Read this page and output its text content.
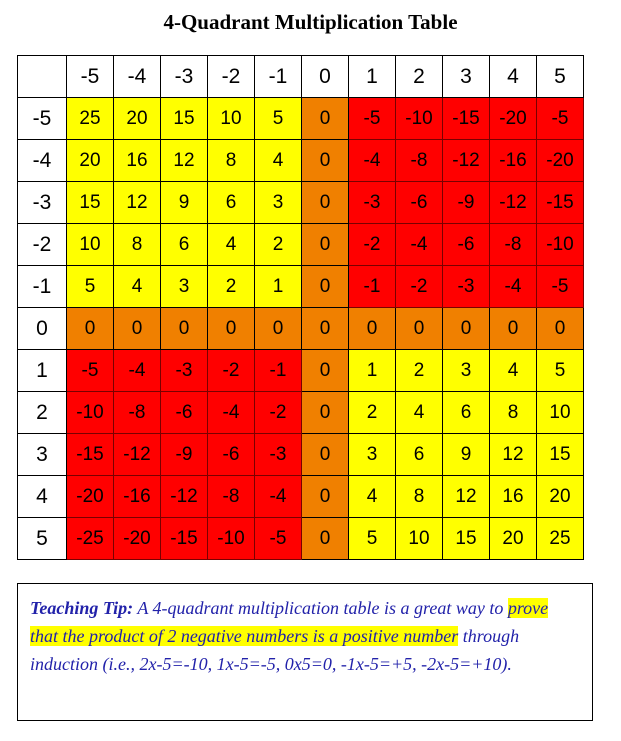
4-Quadrant Multiplication Table
	-5	-4	-3	-2	-1	0	1	2	3	4	5
-5	25	20	15	10	5	0	-5	-10	-15	-20	-5
-4	20	16	12	8	4	0	-4	-8	-12	-16	-20
-3	15	12	9	6	3	0	-3	-6	-9	-12	-15
-2	10	8	6	4	2	0	-2	-4	-6	-8	-10
-1	5	4	3	2	1	0	-1	-2	-3	-4	-5
0	0	0	0	0	0	0	0	0	0	0	0
1	-5	-4	-3	-2	-1	0	1	2	3	4	5
2	-10	-8	-6	-4	-2	0	2	4	6	8	10
3	-15	-12	-9	-6	-3	0	3	6	9	12	15
4	-20	-16	-12	-8	-4	0	4	8	12	16	20
5	-25	-20	-15	-10	-5	0	5	10	15	20	25
Teaching Tip: A 4-quadrant multiplication table is a great way to prove that the product of 2 negative numbers is a positive number through induction (i.e., 2x-5=-10, 1x-5=-5, 0x5=0, -1x-5=+5, -2x-5=+10).
